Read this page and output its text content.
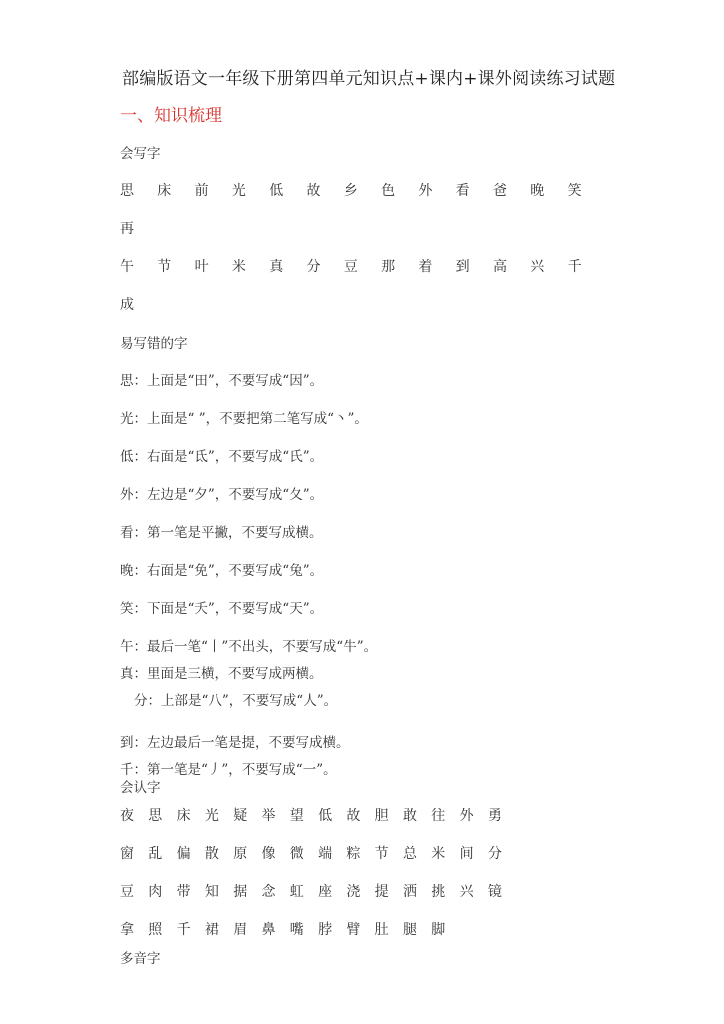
部编版语文一年级下册第四单元知识点+课内+课外阅读练习试题
一、知识梳理
会写字
思	床	前	光	低	故	乡	色	外	看	爸	晚	笑
再
午	节	叶	米	真	分	豆	那	着	到	高	兴	千
成
易写错的字
思：上面是“田”，不要写成“因”。
光：上面是“ ”，不要把第二笔写成“丶”。
低：右面是“氐”，不要写成“氏”。
外：左边是“夕”，不要写成“夂”。
看：第一笔是平撇，不要写成横。
晚：右面是“免”，不要写成“兔”。
笑：下面是“夭”，不要写成“天”。
午：最后一笔“丨”不出头，不要写成“牛”。
真：里面是三横，不要写成两横。
分：上部是“八”，不要写成“人”。
到：左边最后一笔是提，不要写成横。
千：第一笔是“丿”，不要写成“一”。
会认字
夜	思	床	光	疑	举	望	低	故	胆	敢	往	外	勇
窗	乱	偏	散	原	像	微	端	粽	节	总	米	间	分
豆	肉	带	知	据	念	虹	座	浇	提	洒	挑	兴	镜
拿	照	千	裙	眉	鼻	嘴	脖	臂	肚	腿	脚
多音字
